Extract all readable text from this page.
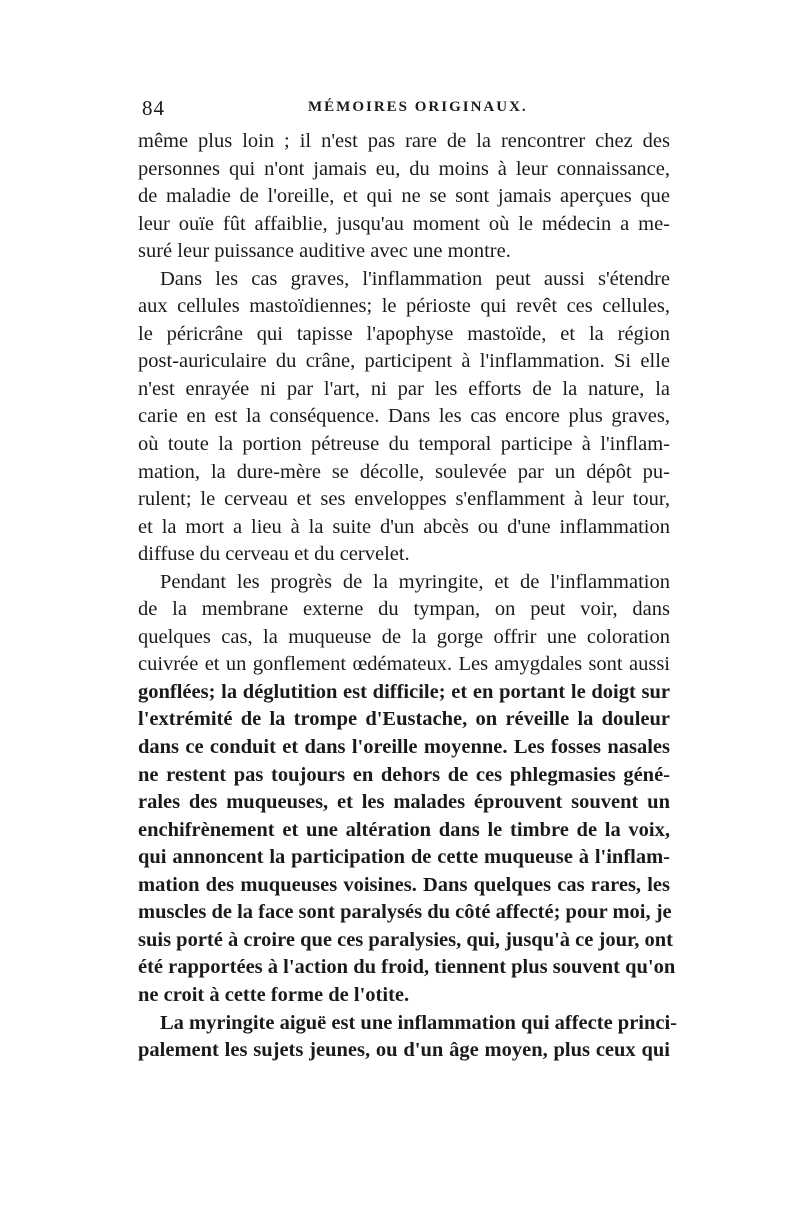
84	MÉMOIRES ORIGINAUX.
même plus loin ; il n'est pas rare de la rencontrer chez des
personnes qui n'ont jamais eu, du moins à leur connaissance,
de maladie de l'oreille, et qui ne se sont jamais aperçues que
leur ouïe fût affaiblie, jusqu'au moment où le médecin a me-
suré leur puissance auditive avec une montre.
Dans les cas graves, l'inflammation peut aussi s'étendre
aux cellules mastoïdiennes; le périoste qui revêt ces cellules,
le péricrâne qui tapisse l'apophyse mastoïde, et la région
post-auriculaire du crâne, participent à l'inflammation. Si elle
n'est enrayée ni par l'art, ni par les efforts de la nature, la
carie en est la conséquence. Dans les cas encore plus graves,
où toute la portion pétreuse du temporal participe à l'inflam-
mation, la dure-mère se décolle, soulevée par un dépôt pu-
rulent; le cerveau et ses enveloppes s'enflamment à leur tour,
et la mort a lieu à la suite d'un abcès ou d'une inflammation
diffuse du cerveau et du cervelet.
Pendant les progrès de la myringite, et de l'inflammation
de la membrane externe du tympan, on peut voir, dans
quelques cas, la muqueuse de la gorge offrir une coloration
cuivrée et un gonflement œdémateux. Les amygdales sont aussi
gonflées; la déglutition est difficile; et en portant le doigt sur
l'extrémité de la trompe d'Eustache, on réveille la douleur
dans ce conduit et dans l'oreille moyenne. Les fosses nasales
ne restent pas toujours en dehors de ces phlegmasies géné-
rales des muqueuses, et les malades éprouvent souvent un
enchifrènement et une altération dans le timbre de la voix,
qui annoncent la participation de cette muqueuse à l'inflam-
mation des muqueuses voisines. Dans quelques cas rares, les
muscles de la face sont paralysés du côté affecté; pour moi, je
suis porté à croire que ces paralysies, qui, jusqu'à ce jour, ont
été rapportées à l'action du froid, tiennent plus souvent qu'on
ne croit à cette forme de l'otite.
La myringite aiguë est une inflammation qui affecte princi-
palement les sujets jeunes, ou d'un âge moyen, plus ceux qui
